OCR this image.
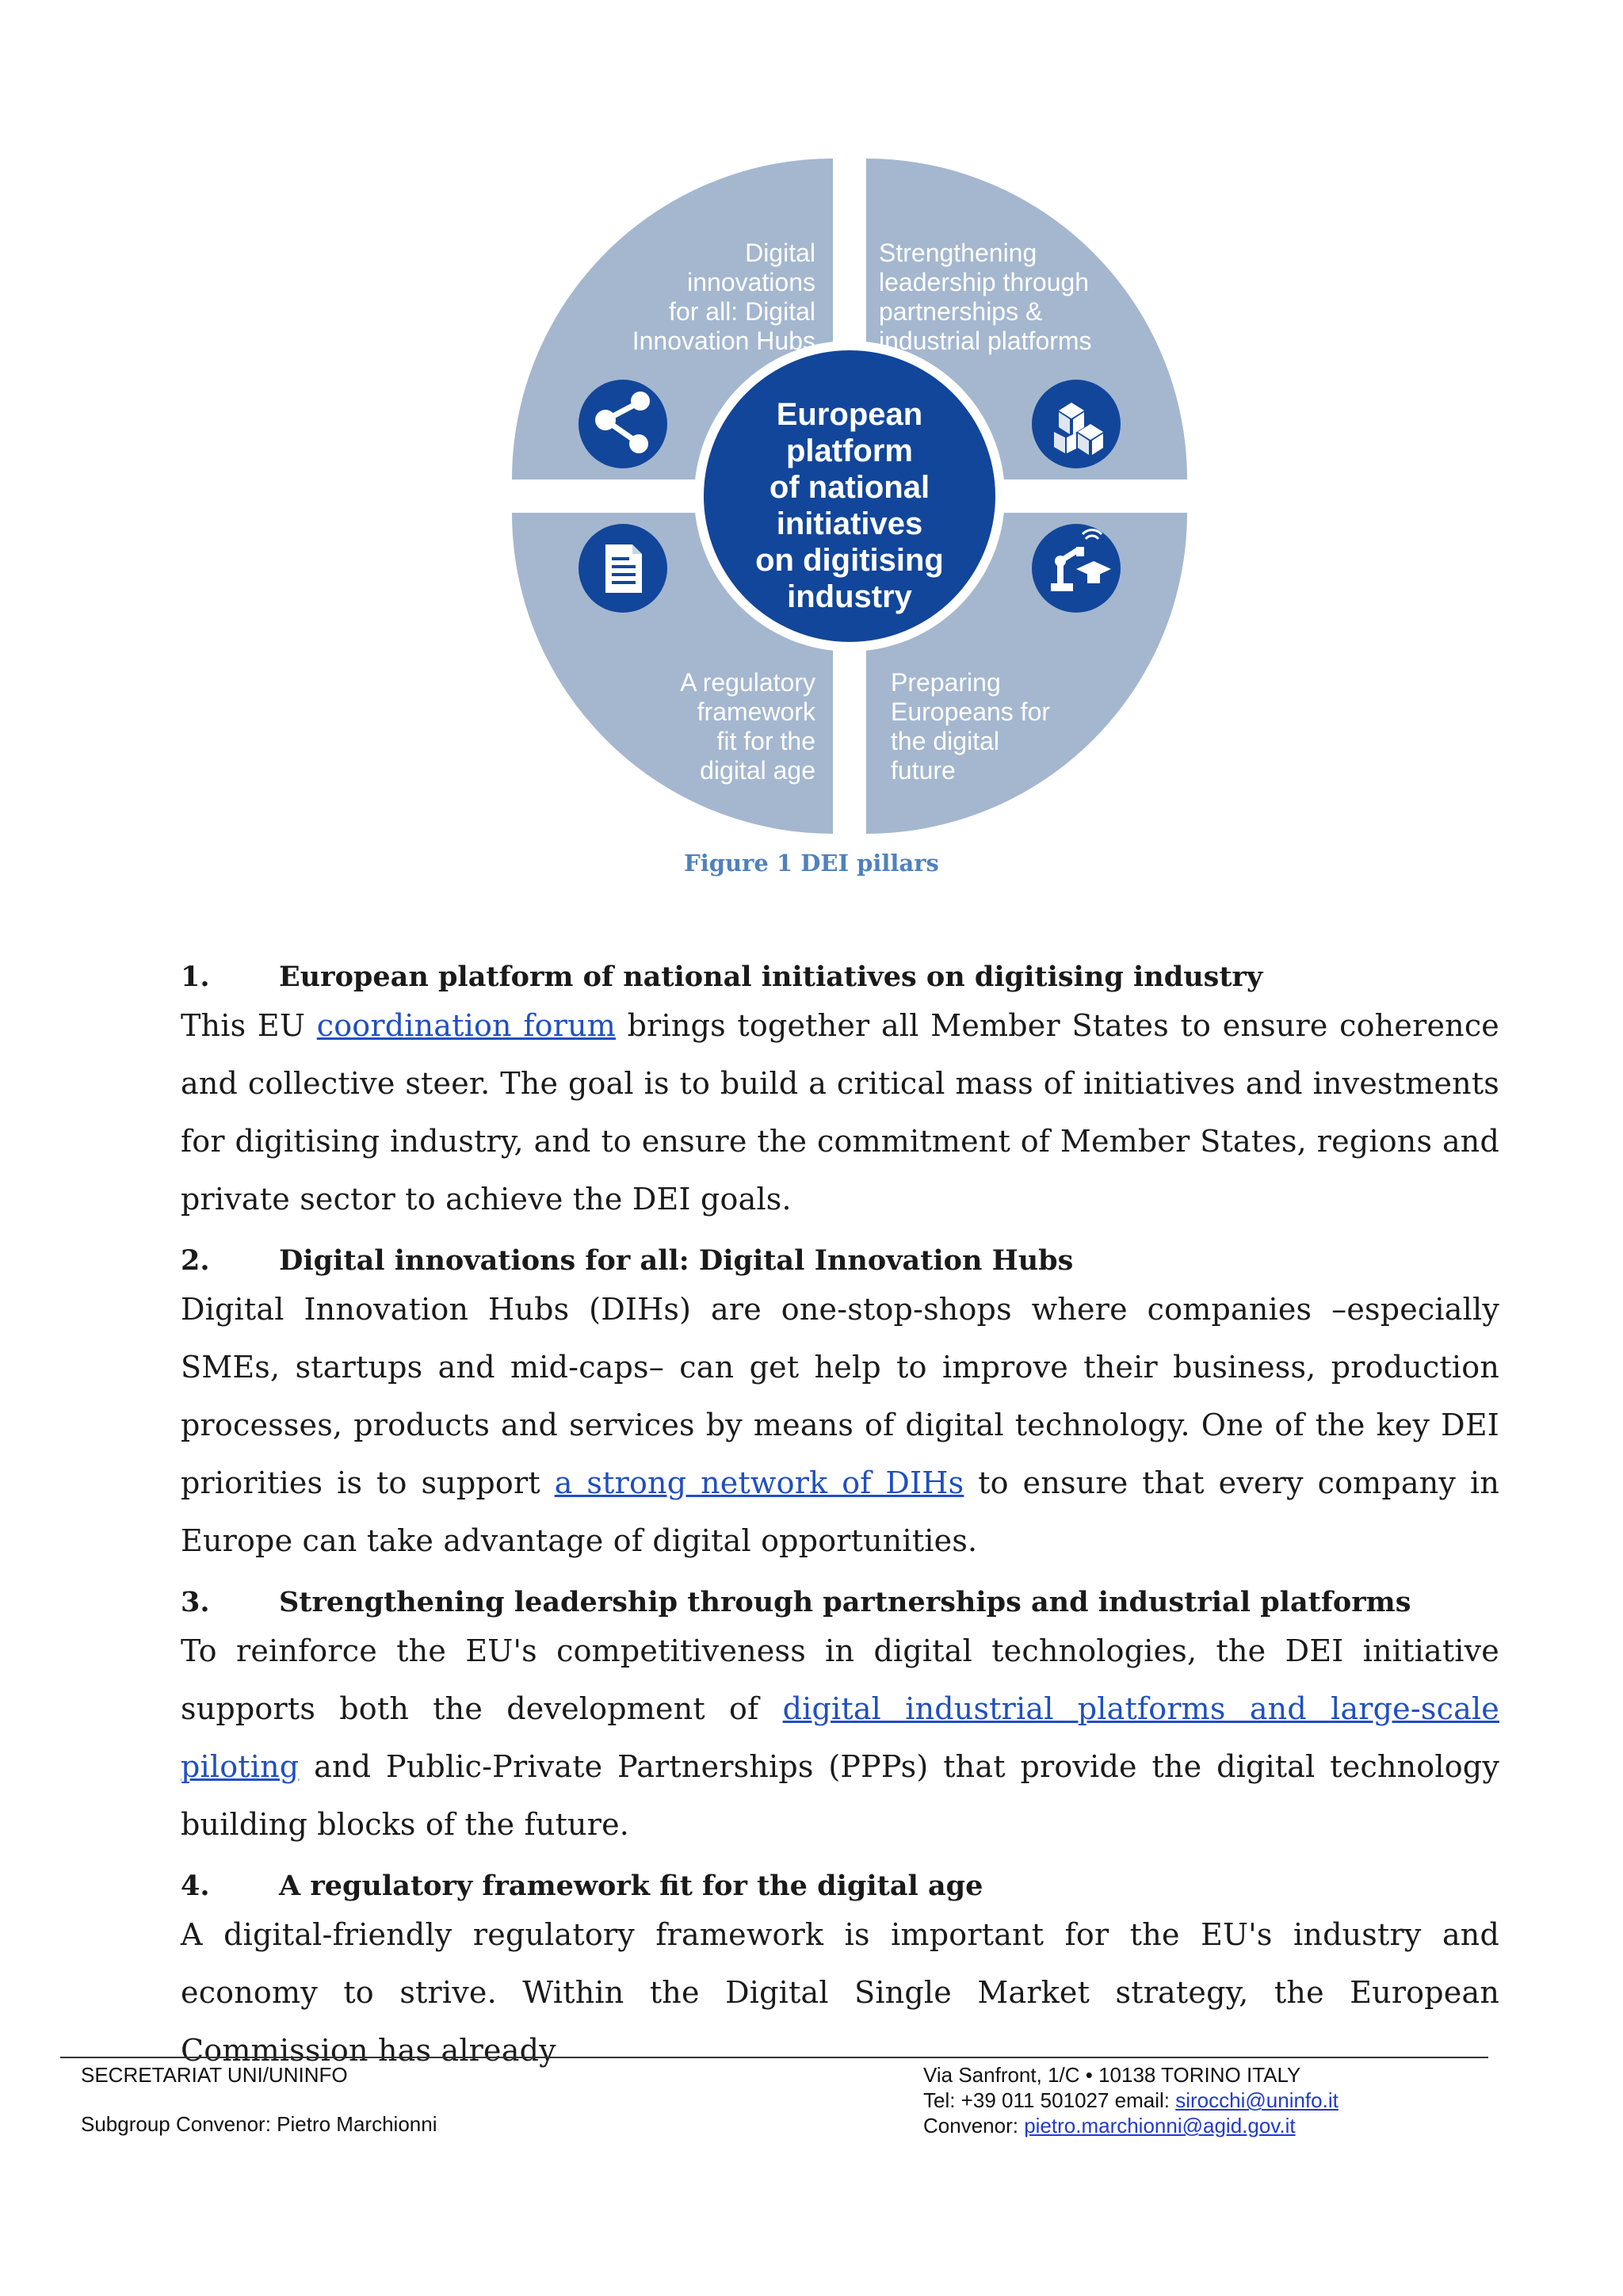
European platform of national initiatives on digitising industry
Digital innovations for all: Digital Innovation Hubs
Strengthening leadership through partnerships & industrial platforms
A regulatory framework fit for the digital age
Preparing Europeans for the digital future
Figure 1 DEI pillars
1.	European platform of national initiatives on digitising industry

This EU coordination forum brings together all Member States to ensure coherence and collective steer. The goal is to build a critical mass of initiatives and investments for digitising industry, and to ensure the commitment of Member States, regions and private sector to achieve the DEI goals.

2.	Digital innovations for all: Digital Innovation Hubs

Digital Innovation Hubs (DIHs) are one-stop-shops where companies –especially SMEs, startups and mid-caps– can get help to improve their business, production processes, products and services by means of digital technology. One of the key DEI priorities is to support a strong network of DIHs to ensure that every company in Europe can take advantage of digital opportunities.

3.	Strengthening leadership through partnerships and industrial platforms

To reinforce the EU's competitiveness in digital technologies, the DEI initiative supports both the development of digital industrial platforms and large-scale piloting and Public-Private Partnerships (PPPs) that provide the digital technology building blocks of the future.

4.	A regulatory framework fit for the digital age

A digital-friendly regulatory framework is important for the EU's industry and economy to strive. Within the Digital Single Market strategy, the European Commission has already

SECRETARIAT UNI/UNINFO
Subgroup Convenor: Pietro Marchionni
Via Sanfront, 1/C • 10138 TORINO ITALY
Tel: +39 011 501027 email: sirocchi@uninfo.it
Convenor: pietro.marchionni@agid.gov.it
